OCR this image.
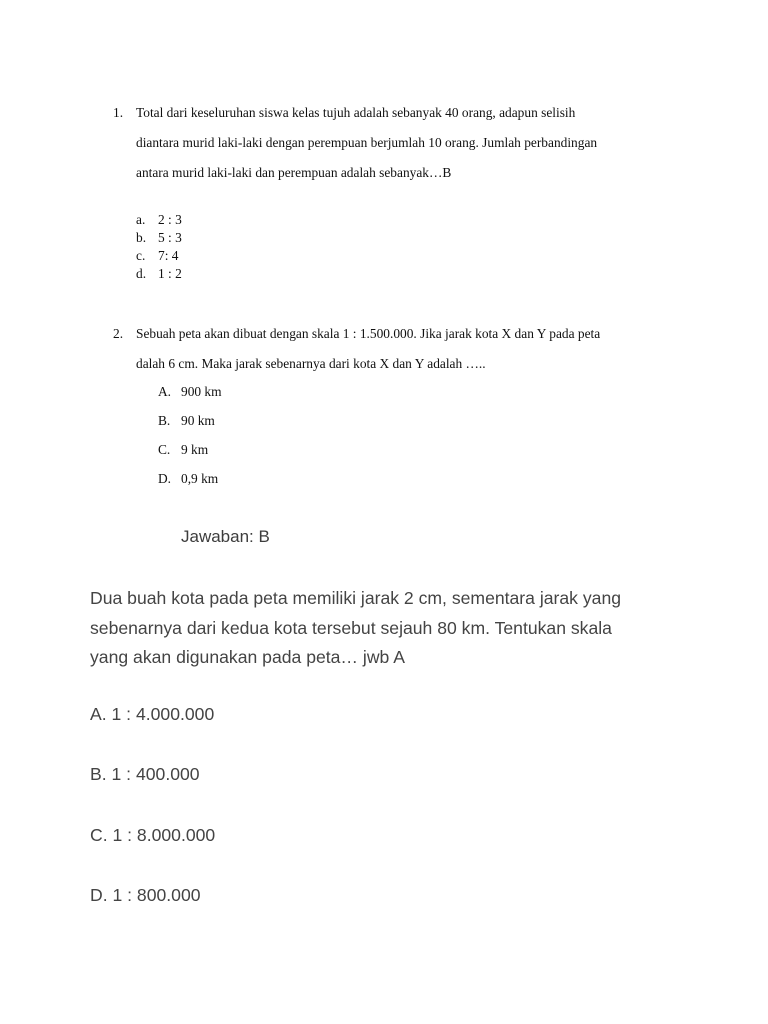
1. Total dari keseluruhan siswa kelas tujuh adalah sebanyak 40 orang, adapun selisih
diantara murid laki-laki dengan perempuan berjumlah 10 orang. Jumlah perbandingan
antara murid laki-laki dan perempuan adalah sebanyak…B
a. 2 : 3
b. 5 : 3
c. 7: 4
d. 1 : 2
2. Sebuah peta akan dibuat dengan skala 1 : 1.500.000. Jika jarak kota X dan Y pada peta
dalah 6 cm. Maka jarak sebenarnya dari kota X dan Y adalah …..
A. 900 km
B. 90 km
C. 9 km
D. 0,9 km
Jawaban: B
Dua buah kota pada peta memiliki jarak 2 cm, sementara jarak yang
sebenarnya dari kedua kota tersebut sejauh 80 km. Tentukan skala
yang akan digunakan pada peta… jwb A
A. 1 : 4.000.000
B. 1 : 400.000
C. 1 : 8.000.000
D. 1 : 800.000
